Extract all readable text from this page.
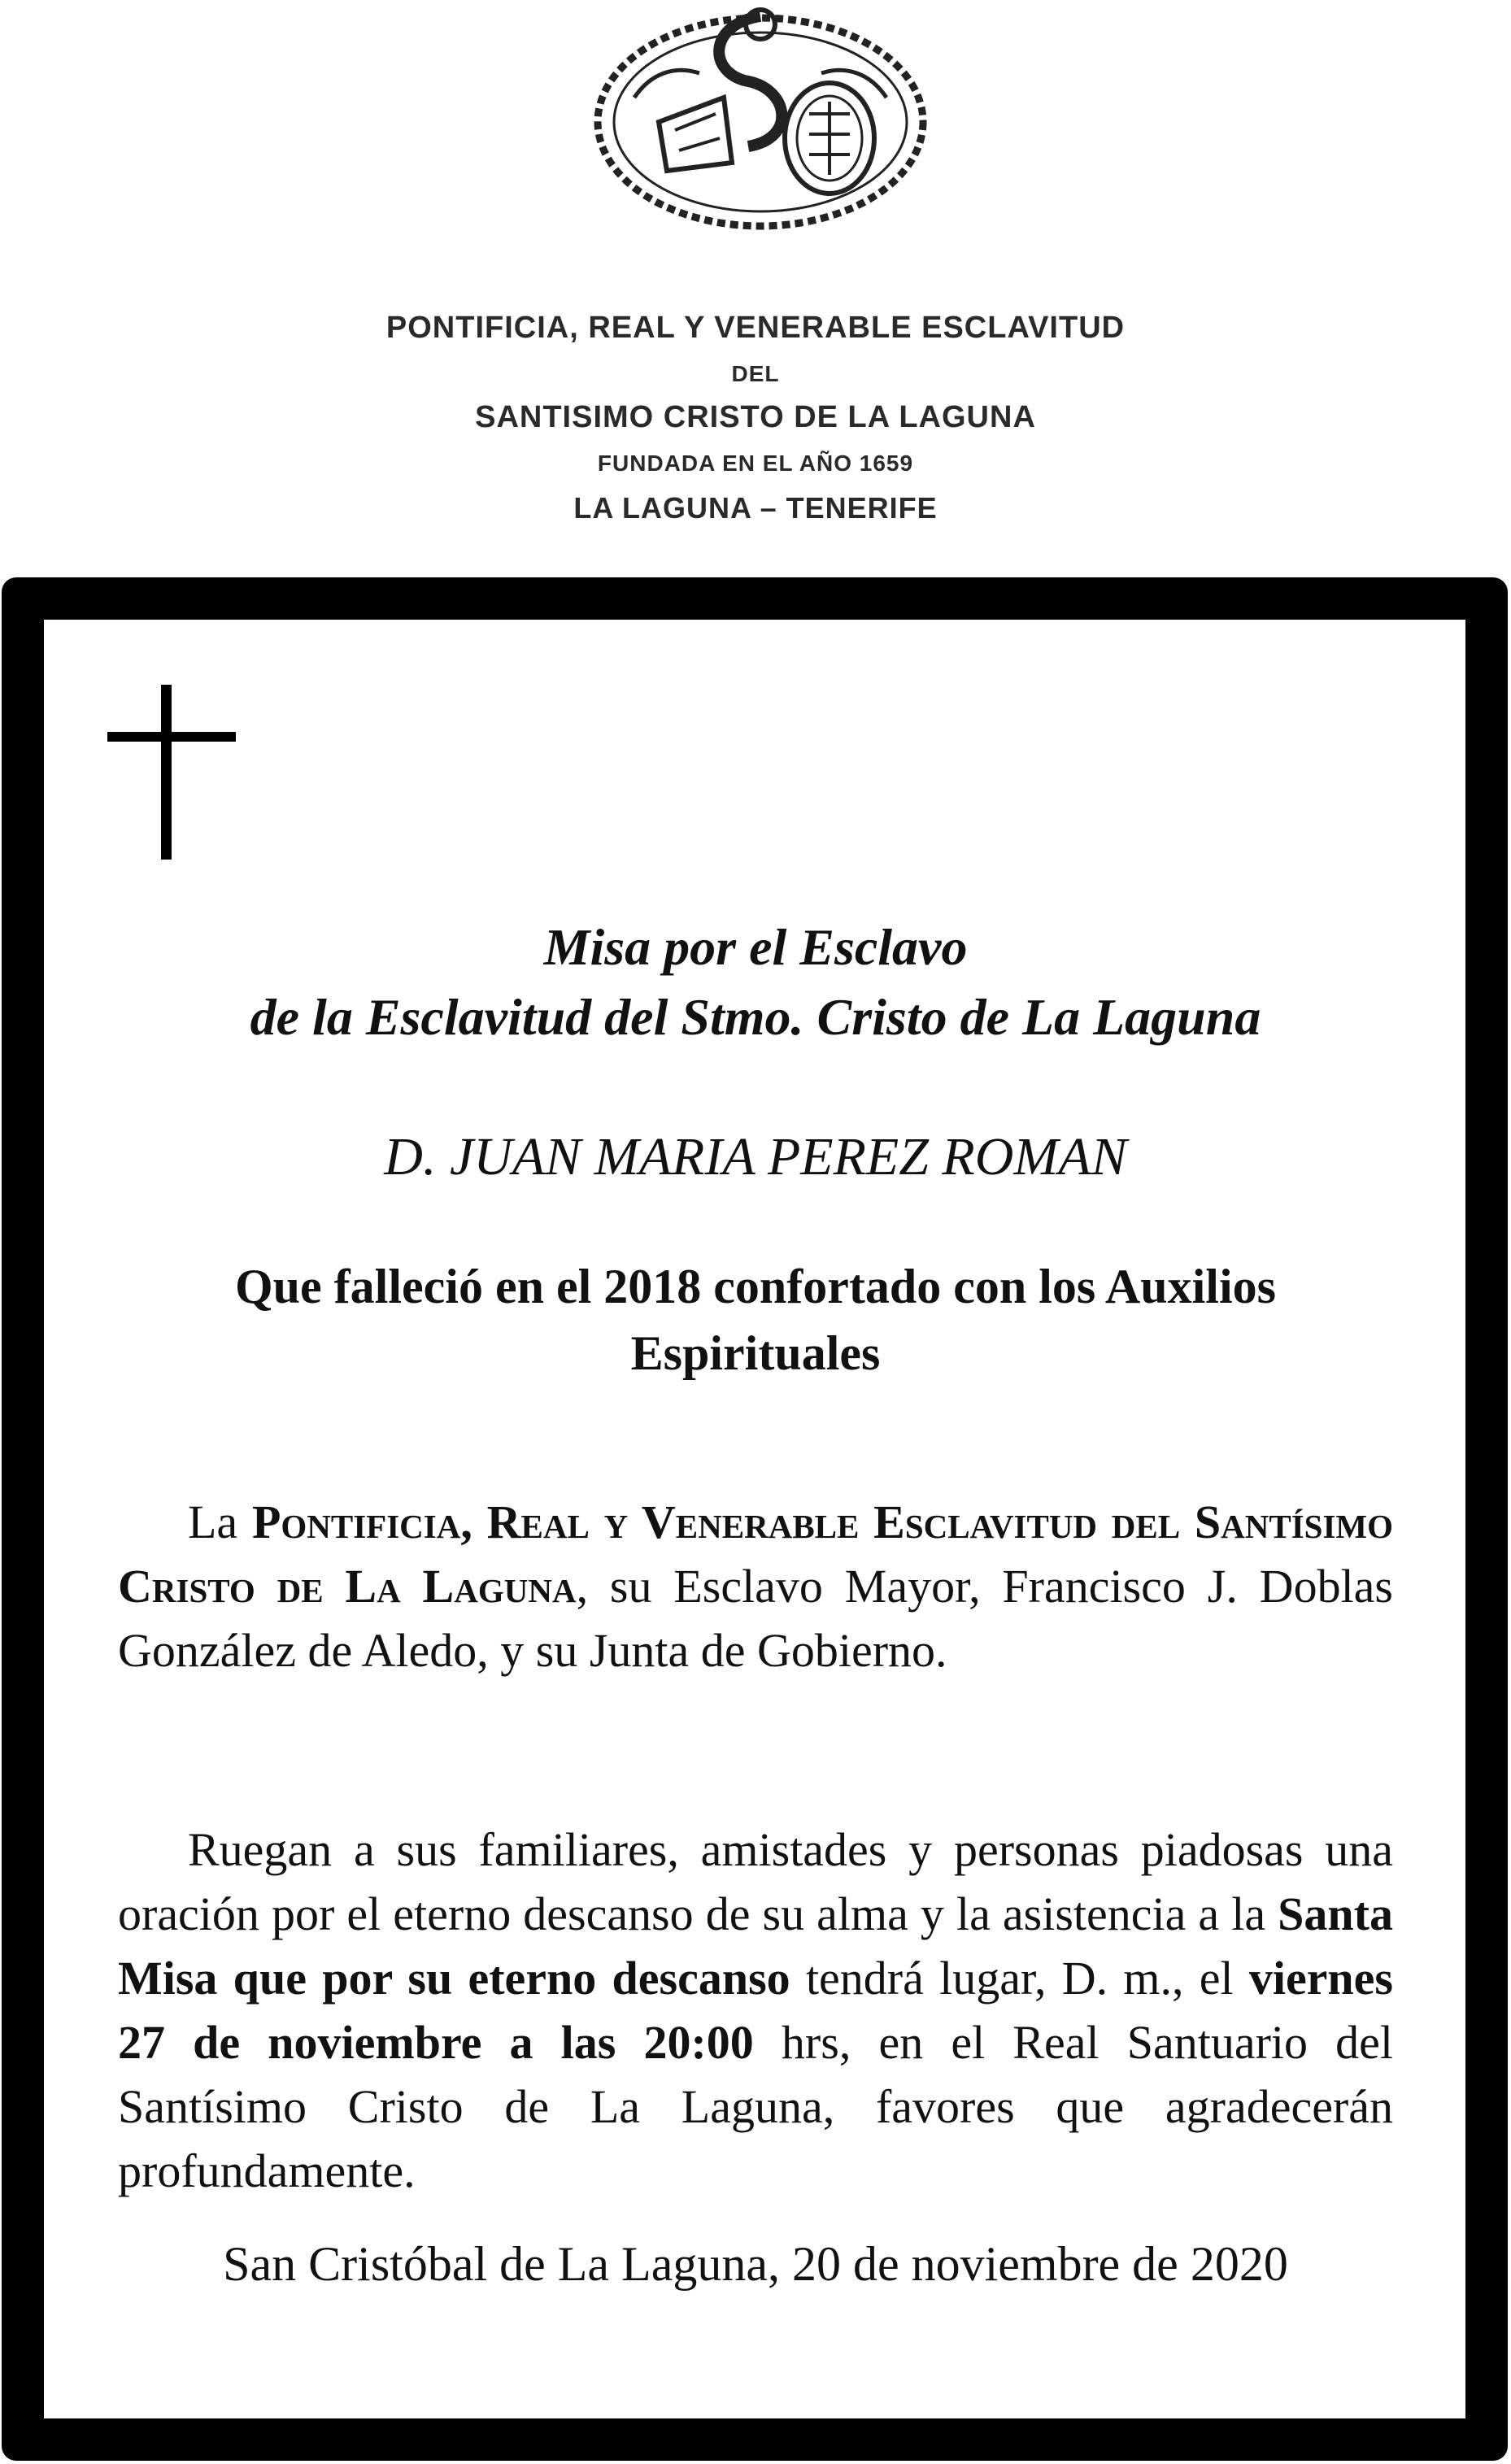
PONTIFICIA, REAL Y VENERABLE ESCLAVITUD
DEL
SANTISIMO CRISTO DE LA LAGUNA
FUNDADA EN EL AÑO 1659
LA LAGUNA – TENERIFE
Misa por el Esclavo
de la Esclavitud del Stmo. Cristo de La Laguna
D. JUAN MARIA PEREZ ROMAN
Que falleció en el 2018 confortado con los Auxilios
Espirituales
La Pontificia, Real y Venerable Esclavitud del Santísimo Cristo de La Laguna, su Esclavo Mayor, Francisco J. Doblas González de Aledo, y su Junta de Gobierno.
Ruegan a sus familiares, amistades y personas piadosas una oración por el eterno descanso de su alma y la asistencia a la Santa Misa que por su eterno descanso tendrá lugar, D. m., el viernes 27 de noviembre a las 20:00 hrs, en el Real Santuario del Santísimo Cristo de La Laguna, favores que agradecerán profundamente.
San Cristóbal de La Laguna, 20 de noviembre de 2020
